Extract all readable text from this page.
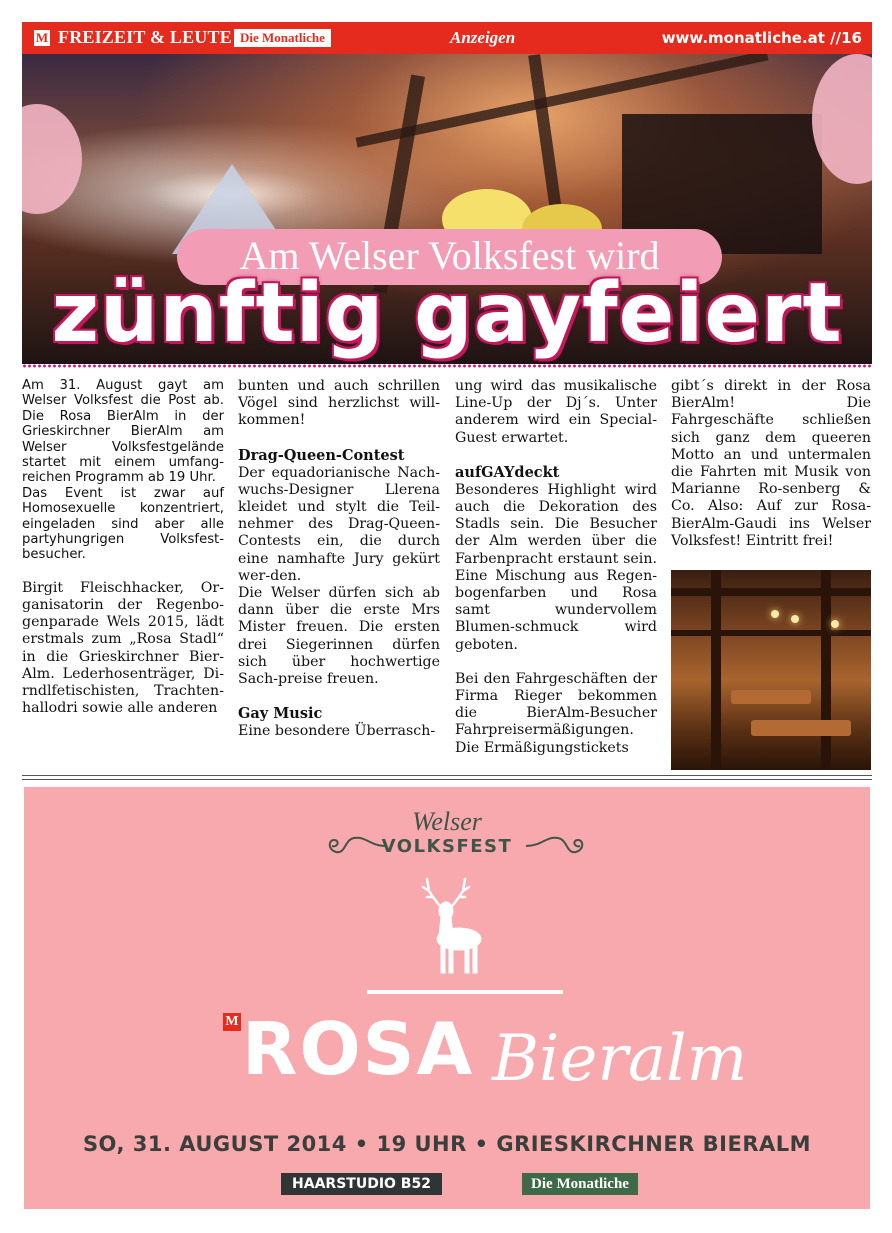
M FREIZEIT & LEUTE Die Monatliche	Anzeigen	www.monatliche.at //16
Am Welser Volksfest wird
zünftig gayfeiert

Am 31. August gayt am Welser Volksfest die Post ab. Die Rosa BierAlm in der Grieskirchner BierAlm am Welser Volksfestgelände startet mit einem umfang-reichen Programm ab 19 Uhr.

Das Event ist zwar auf Homosexuelle konzentriert, eingeladen sind aber alle partyhungrigen Volksfest-besucher.

Birgit Fleischhacker, Or-ganisatorin der Regenbo-genparade Wels 2015, lädt erstmals zum „Rosa Stadl“ in die Grieskirchner Bier-Alm. Lederhosenträger, Di-rndlfetischisten, Trachten-hallodri sowie alle anderen

bunten und auch schrillen Vögel sind herzlichst will-kommen!

Drag-Queen-Contest

Der equadorianische Nach-wuchs-Designer Llerena kleidet und stylt die Teil-nehmer des Drag-Queen-Contests ein, die durch eine namhafte Jury gekürt wer-den.

Die Welser dürfen sich ab dann über die erste Mrs Mister freuen. Die ersten drei Siegerinnen dürfen sich über hochwertige Sach-preise freuen.

Gay Music

Eine besondere Überrasch-

ung wird das musikalische Line-Up der Dj´s. Unter anderem wird ein Special-Guest erwartet.

aufGAYdeckt

Besonderes Highlight wird auch die Dekoration des Stadls sein. Die Besucher der Alm werden über die Farbenpracht erstaunt sein. Eine Mischung aus Regen-bogenfarben und Rosa samt wundervollem Blumen-schmuck wird geboten.

Bei den Fahrgeschäften der Firma Rieger bekommen die BierAlm-Besucher Fahrpreisermäßigungen. Die Ermäßigungstickets

gibt´s direkt in der Rosa BierAlm! Die Fahrgeschäfte schließen sich ganz dem queeren Motto an und untermalen die Fahrten mit Musik von Marianne Ro-senberg & Co. Also: Auf zur Rosa-BierAlm-Gaudi ins Welser Volksfest! Eintritt frei!

Welser
VOLKSFEST
M ROSA Bieralm
SO, 31. AUGUST 2014 • 19 UHR • GRIESKIRCHNER BIERALM
HAARSTUDIO B52	Die Monatliche
